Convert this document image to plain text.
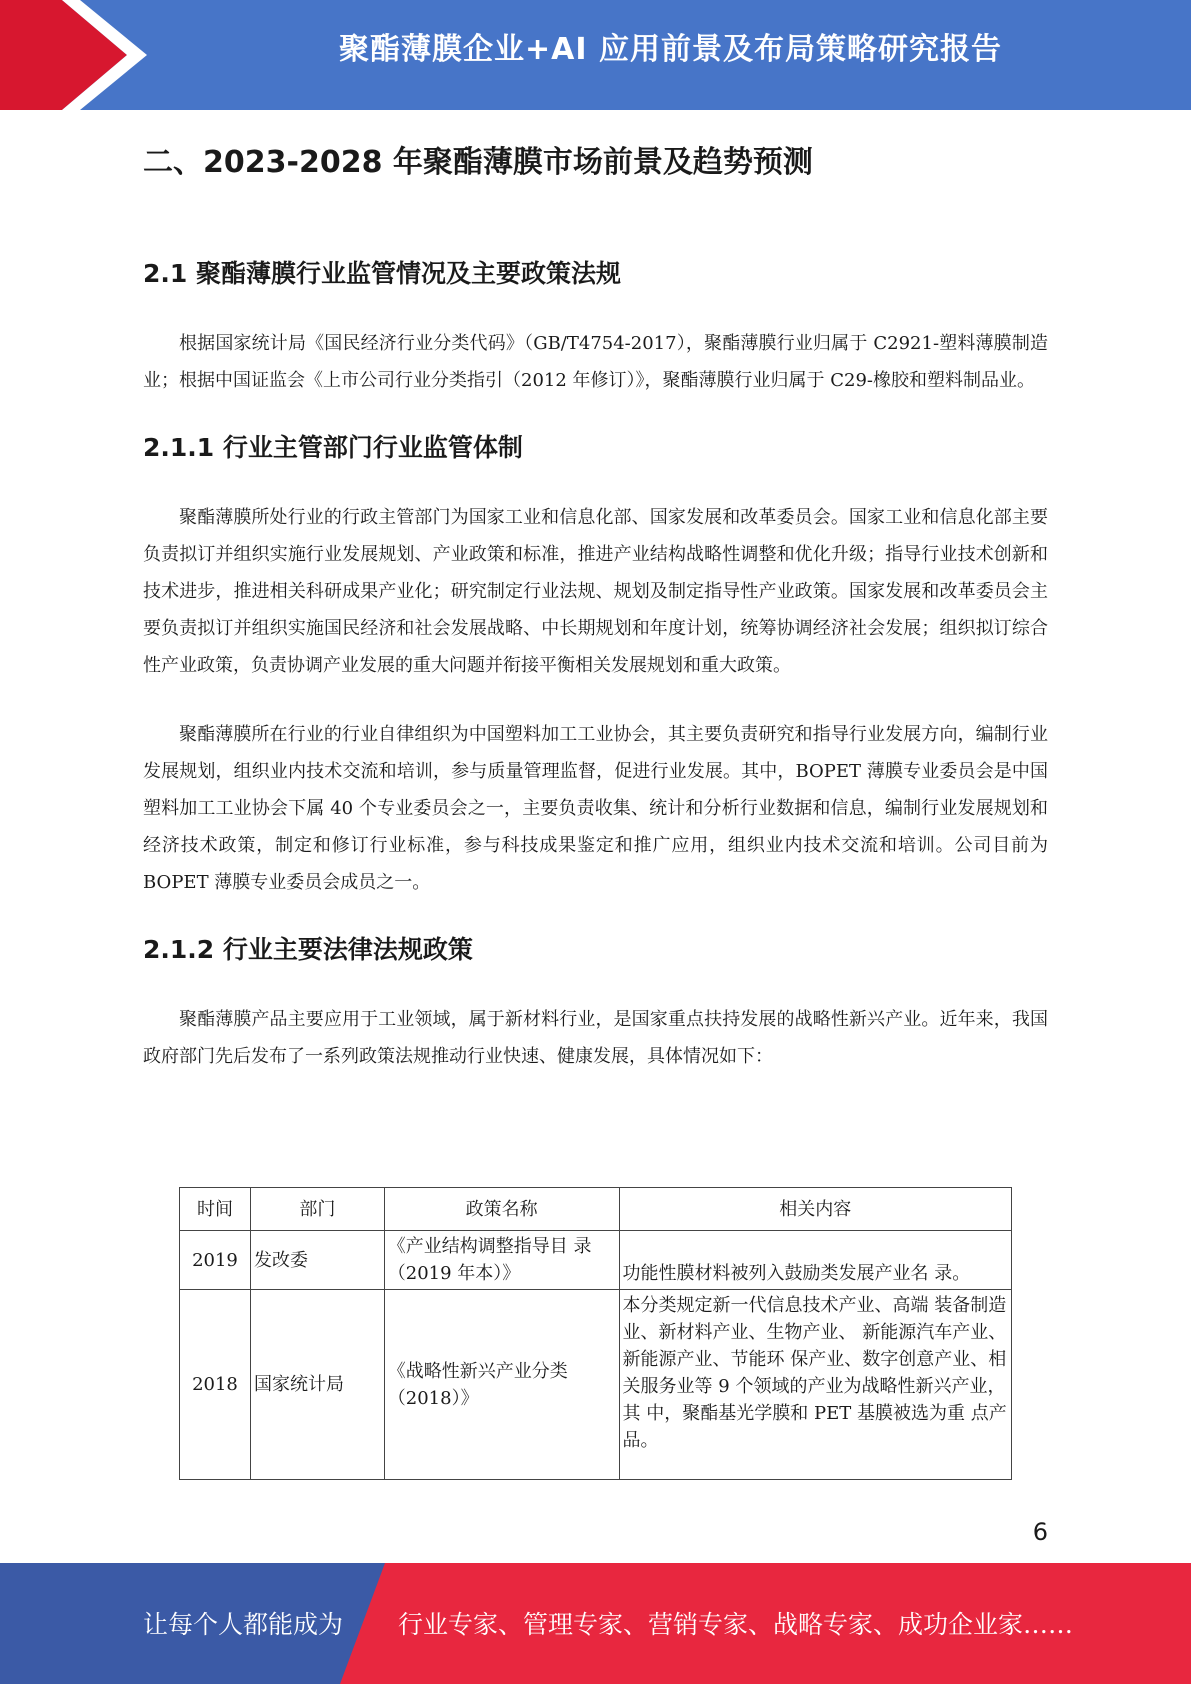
聚酯薄膜企业+AI 应用前景及布局策略研究报告
二、2023-2028 年聚酯薄膜市场前景及趋势预测
2.1 聚酯薄膜行业监管情况及主要政策法规

根据国家统计局《国民经济行业分类代码》（GB/T4754-2017），聚酯薄膜行业归属于 C2921-塑料薄膜制造业；根据中国证监会《上市公司行业分类指引（2012 年修订）》，聚酯薄膜行业归属于 C29-橡胶和塑料制品业。

2.1.1 行业主管部门行业监管体制

聚酯薄膜所处行业的行政主管部门为国家工业和信息化部、国家发展和改革委员会。国家工业和信息化部主要负责拟订并组织实施行业发展规划、产业政策和标准，推进产业结构战略性调整和优化升级；指导行业技术创新和技术进步，推进相关科研成果产业化；研究制定行业法规、规划及制定指导性产业政策。国家发展和改革委员会主要负责拟订并组织实施国民经济和社会发展战略、中长期规划和年度计划，统筹协调经济社会发展；组织拟订综合性产业政策，负责协调产业发展的重大问题并衔接平衡相关发展规划和重大政策。

聚酯薄膜所在行业的行业自律组织为中国塑料加工工业协会，其主要负责研究和指导行业发展方向，编制行业发展规划，组织业内技术交流和培训，参与质量管理监督，促进行业发展。其中，BOPET 薄膜专业委员会是中国塑料加工工业协会下属 40 个专业委员会之一，主要负责收集、统计和分析行业数据和信息，编制行业发展规划和经济技术政策，制定和修订行业标准，参与科技成果鉴定和推广应用，组织业内技术交流和培训。公司目前为 BOPET 薄膜专业委员会成员之一。

2.1.2 行业主要法律法规政策

聚酯薄膜产品主要应用于工业领域，属于新材料行业，是国家重点扶持发展的战略性新兴产业。近年来，我国政府部门先后发布了一系列政策法规推动行业快速、健康发展，具体情况如下：

时间	部门	政策名称	相关内容
2019	发改委	《产业结构调整指导目 录（2019 年本）》	功能性膜材料被列入鼓励类发展产业名 录。
2018	国家统计局	《战略性新兴产业分类（2018）》	本分类规定新一代信息技术产业、高端 装备制造业、新材料产业、生物产业、 新能源汽车产业、新能源产业、节能环 保产业、数字创意产业、相关服务业等 9 个领域的产业为战略性新兴产业，其 中，聚酯基光学膜和 PET 基膜被选为重 点产品。
6
让每个人都能成为 行业专家、管理专家、营销专家、战略专家、成功企业家……
